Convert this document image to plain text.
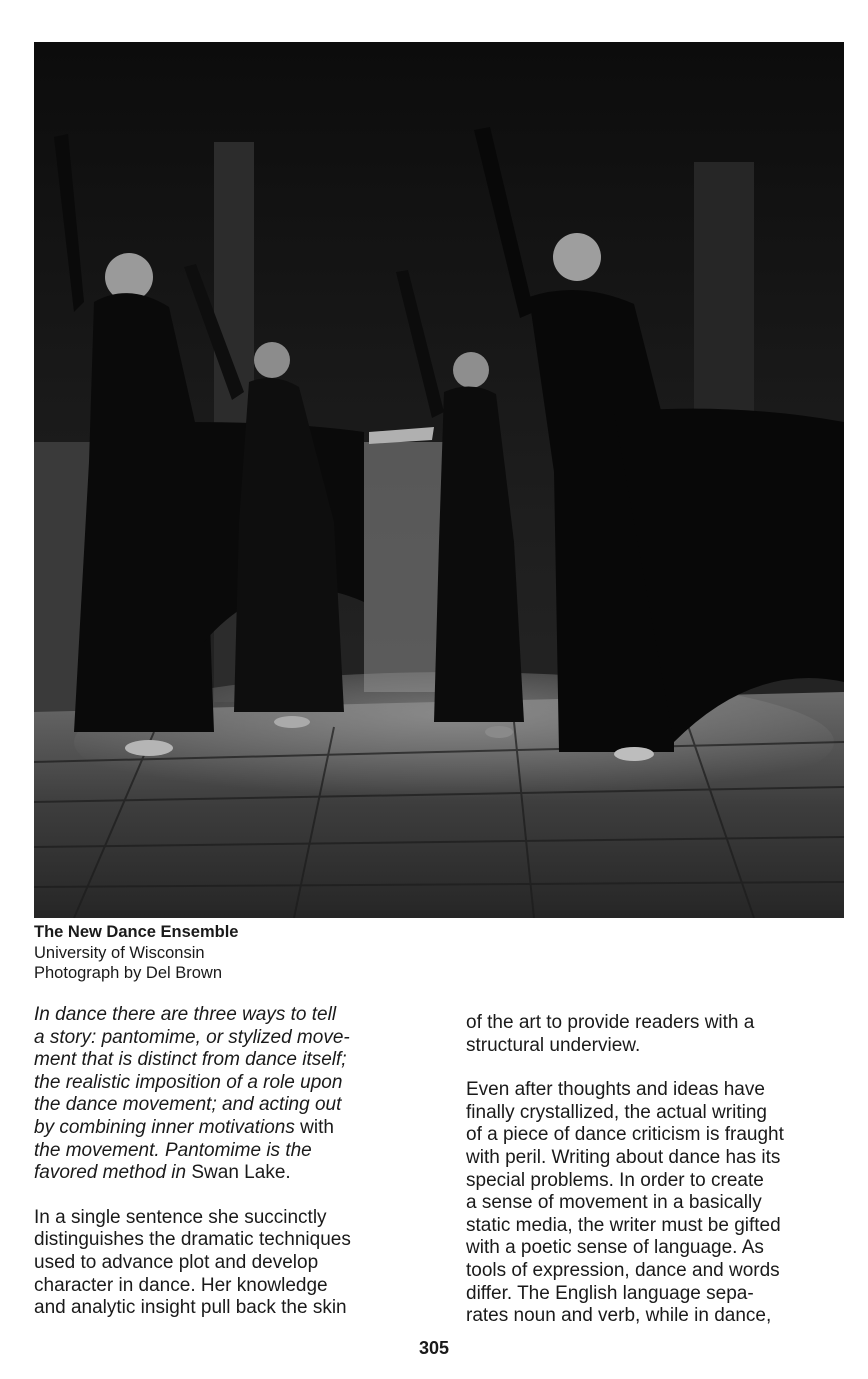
The New Dance Ensemble
University of Wisconsin
Photograph by Del Brown

In dance there are three ways to tell
a story: pantomime, or stylized move-
ment that is distinct from dance itself;
the realistic imposition of a role upon
the dance movement; and acting out
by combining inner motivations with
the movement. Pantomime is the
favored method in Swan Lake.

In a single sentence she succinctly
distinguishes the dramatic techniques
used to advance plot and develop
character in dance. Her knowledge
and analytic insight pull back the skin

of the art to provide readers with a
structural underview.

Even after thoughts and ideas have
finally crystallized, the actual writing
of a piece of dance criticism is fraught
with peril. Writing about dance has its
special problems. In order to create
a sense of movement in a basically
static media, the writer must be gifted
with a poetic sense of language. As
tools of expression, dance and words
differ. The English language sepa-
rates noun and verb, while in dance,

305
